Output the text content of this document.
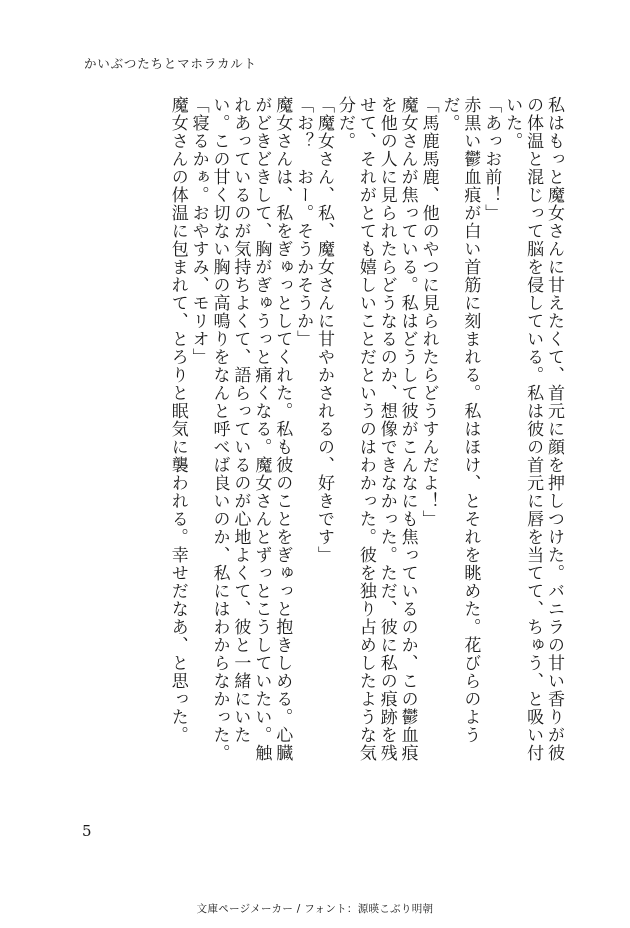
かいぶつたちとマホラカルト

私はもっと魔女さんに甘えたくて、首元に顔を押しつけた。バニラの甘い香りが彼の体温と混じって脳を侵している。私は彼の首元に唇を当てて、ちゅう、と吸い付いた。

「あっお前！」

赤黒い鬱血痕が白い首筋に刻まれる。私はほけ、とそれを眺めた。花びらのようだ。

「馬鹿馬鹿、他のやつに見られたらどうすんだよ！」

魔女さんが焦っている。私はどうして彼がこんなにも焦っているのか、この鬱血痕を他の人に見られたらどうなるのか、想像できなかった。ただ、彼に私の痕跡を残せて、それがとても嬉しいことだというのはわかった。彼を独り占めしたような気分だ。

「魔女さん、私、魔女さんに甘やかされるの、好きです」

「お？　おー。そうかそうか」

魔女さんは、私をぎゅっとしてくれた。私も彼のことをぎゅっと抱きしめる。心臓がどきどきして、胸がぎゅうっと痛くなる。魔女さんとずっとこうしていたい。触れあっているのが気持ちよくて、語らっているのが心地よくて、彼と一緒にいたい。この甘く切ない胸の高鳴りをなんと呼べば良いのか、私にはわからなかった。

「寝るかぁ。おやすみ、モリオ」

魔女さんの体温に包まれて、とろりと眠気に襲われる。幸せだなあ、と思った。

5
文庫ページメーカー / フォント：源暎こぶり明朝
